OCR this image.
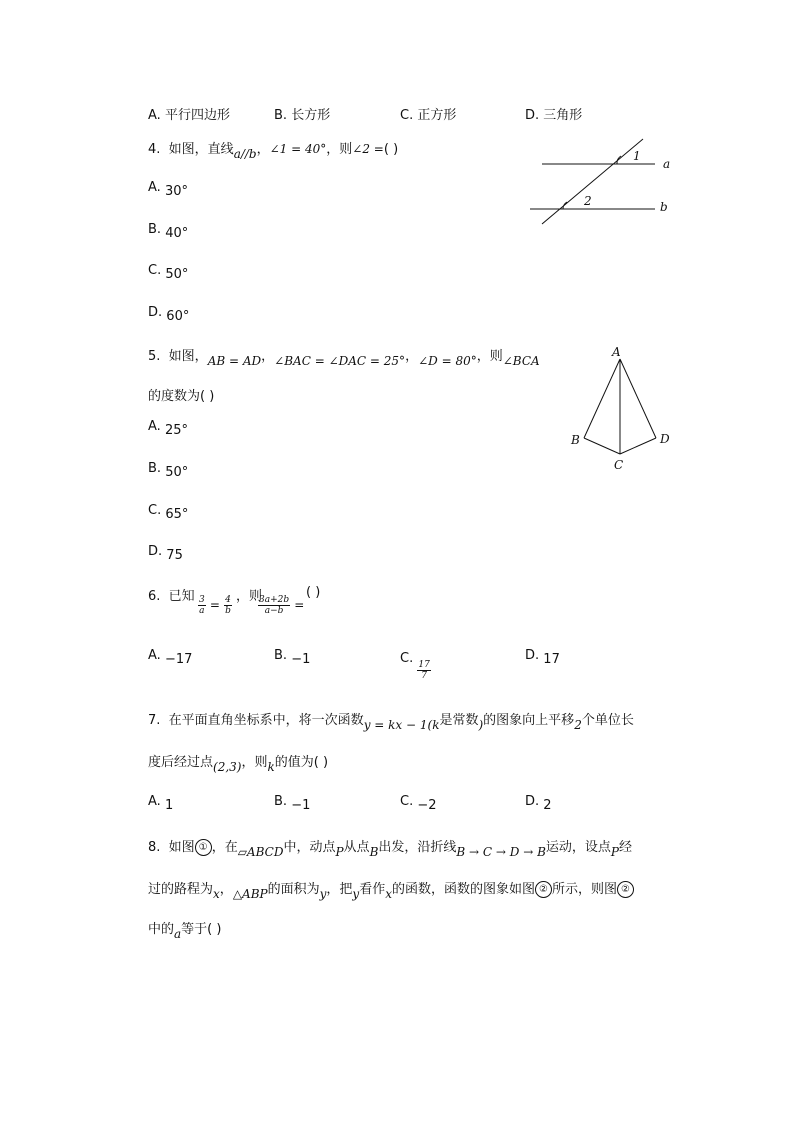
A. 平行四边形	B. 长方形	C. 正方形	D. 三角形
4. 如图，直线a//b，∠1 = 40°，则∠2 =( )
A. 30°
B. 40°
C. 50°
D. 60°
1
2
a
b
5. 如图，AB = AD，∠BAC = ∠DAC = 25°，∠D = 80°，则∠BCA
的度数为( )
A. 25°
B. 50°
C. 65°
D. 75
A
B
C
D
6. 已知 $\frac{3}{a} = \frac{4}{b}$ ，则
$\frac{3a+2b}{a-b}$ =
( )
A. −17	B. −1	C.
$\frac{17}{7}$
D. 17
7. 在平面直角坐标系中，将一次函数y = kx − 1(k是常数)的图象向上平移2个单位长
度后经过点(2,3)，则k的值为( )
A. 1	B. −1	C. −2	D. 2
8. 如图 ① ，在▱ABCD中，动点P从点B出发，沿折线B → C → D → B运动，设点P经
过的路程为x，△ABP的面积为y，把y看作x的函数，函数的图象如图 ② 所示，则图 ②
中的a等于( )
